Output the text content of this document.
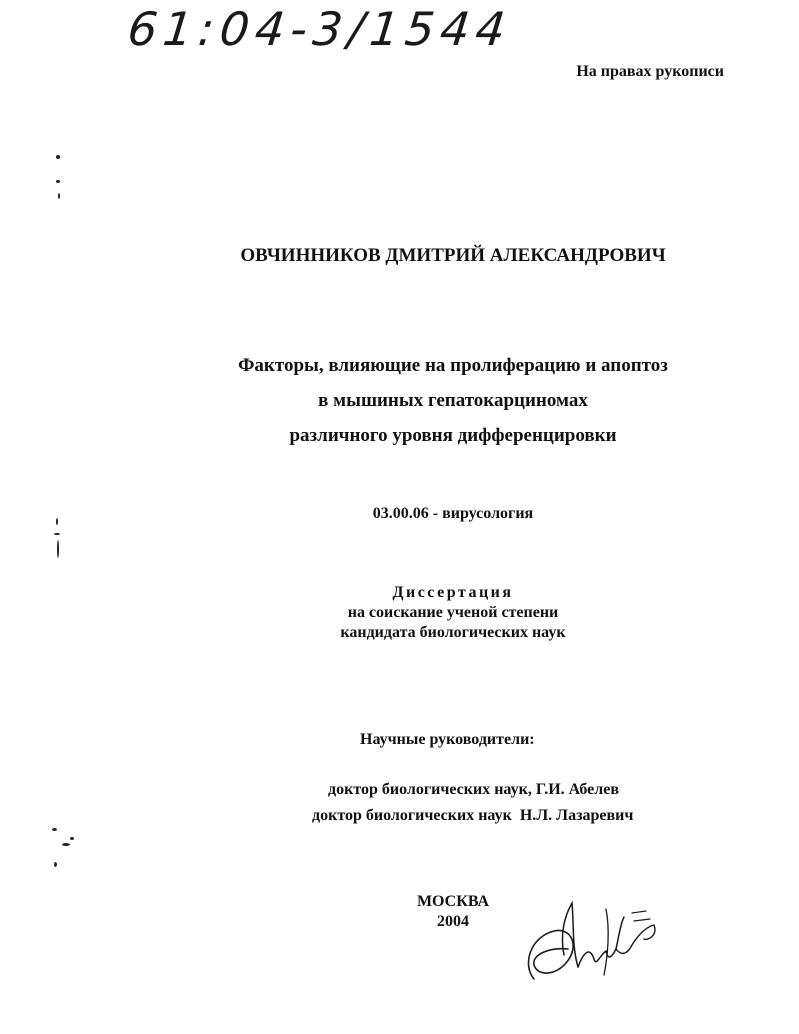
61:04-3/1544
На правах рукописи
ОВЧИННИКОВ ДМИТРИЙ АЛЕКСАНДРОВИЧ
Факторы, влияющие на пролиферацию и апоптоз
в мышиных гепатокарциномах
различного уровня дифференцировки
03.00.06 - вирусология
Диссертация
на соискание ученой степени
кандидата биологических наук
Научные руководители:
доктор биологических наук, Г.И. Абелев
доктор биологических наук  Н.Л. Лазаревич
МОСКВА
2004
